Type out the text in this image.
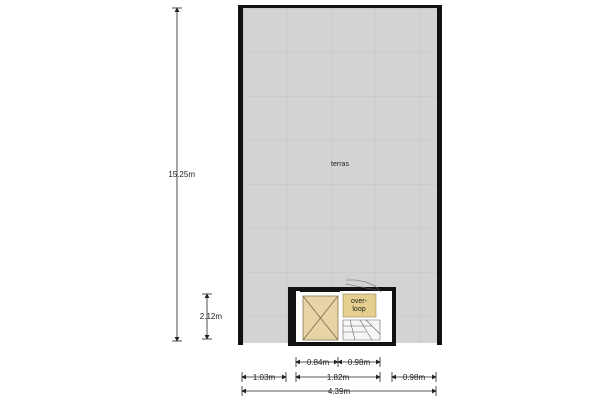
terras
over-
loop
15.25m
2.12m
0.84m 0.98m
1.03m	1.82m	0.98m
4.39m
